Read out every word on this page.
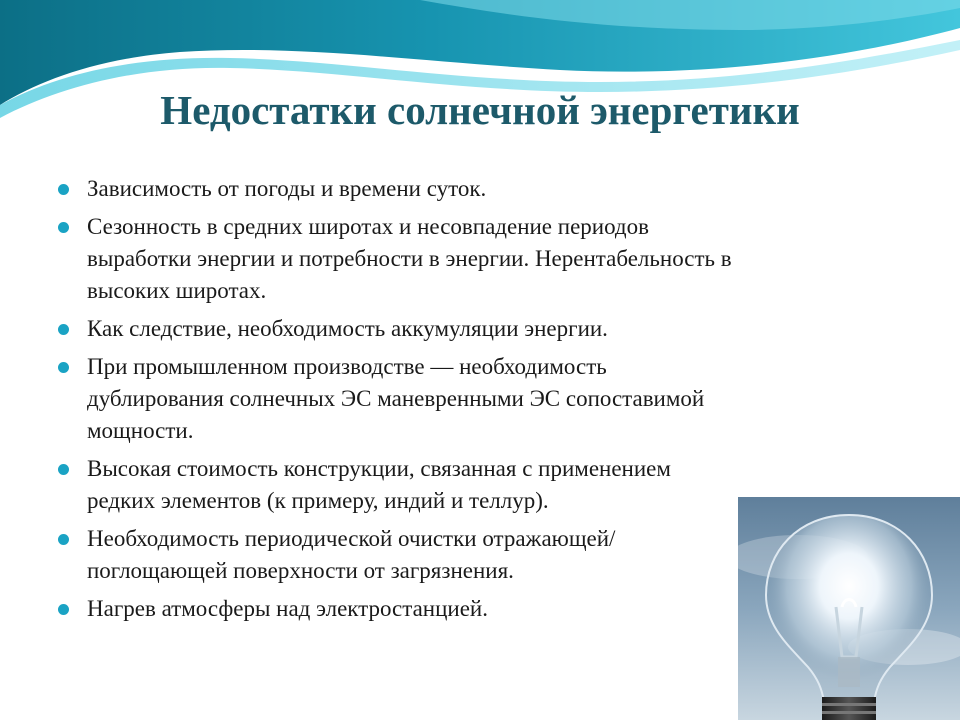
Недостатки солнечной энергетики
Зависимость от погоды и времени суток.
Сезонность в средних широтах и несовпадение периодов выработки энергии и потребности в энергии. Нерентабельность в высоких широтах.
Как следствие, необходимость аккумуляции энергии.
При промышленном производстве — необходимость дублирования солнечных ЭС маневренными ЭС сопоставимой мощности.
Высокая стоимость конструкции, связанная с применением редких элементов (к примеру, индий и теллур).
Необходимость периодической очистки отражающей/поглощающей поверхности от загрязнения.
Нагрев атмосферы над электростанцией.
